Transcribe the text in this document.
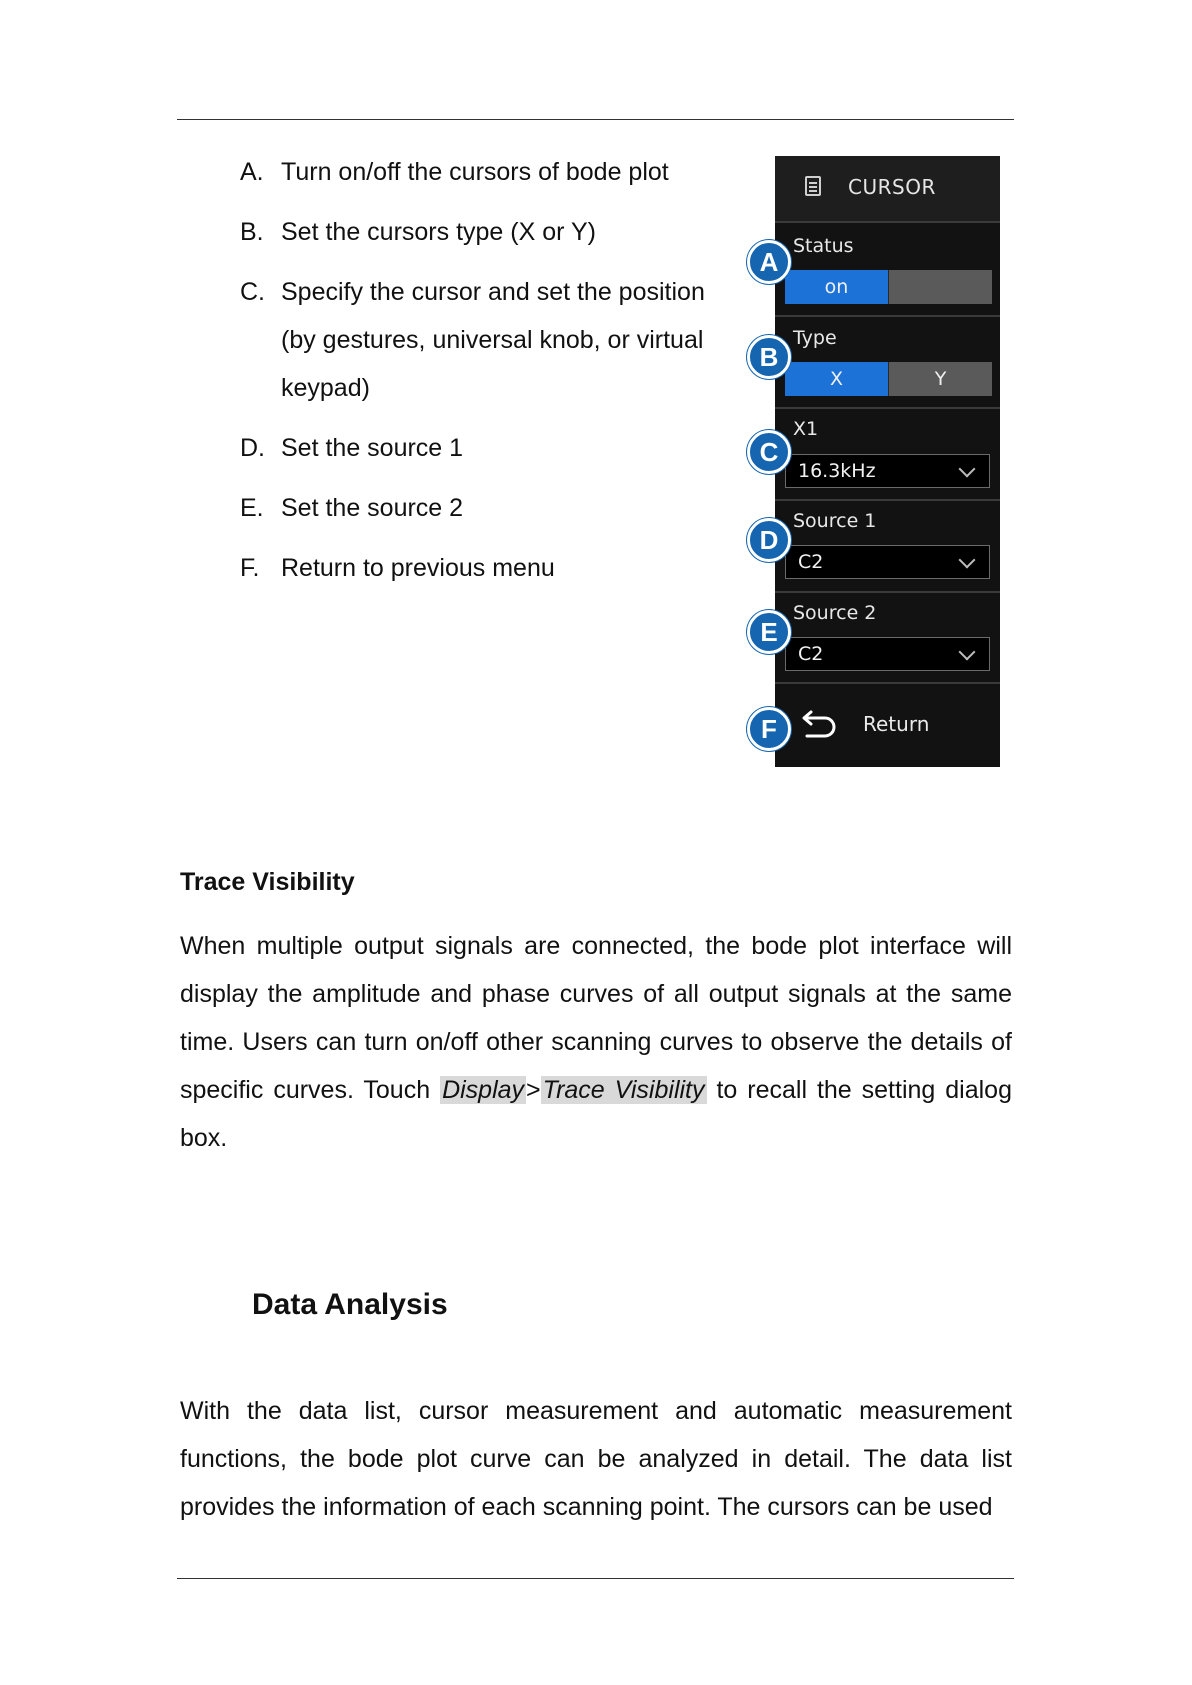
A. Turn on/off the cursors of bode plot
B. Set the cursors type (X or Y)
C. Specify the cursor and set the position (by gestures, universal knob, or virtual keypad)
D. Set the source 1
E. Set the source 2
F. Return to previous menu
CURSOR
Status
on
Type
X	Y
X1
16.3kHz
Source 1
C2
Source 2
C2
Return
A
B
C
D
E
F
Trace Visibility
When multiple output signals are connected, the bode plot interface will display the amplitude and phase curves of all output signals at the same time. Users can turn on/off other scanning curves to observe the details of specific curves. Touch Display>Trace Visibility to recall the setting dialog box.
Data Analysis
With the data list, cursor measurement and automatic measurement functions, the bode plot curve can be analyzed in detail. The data list provides the information of each scanning point. The cursors can be used
